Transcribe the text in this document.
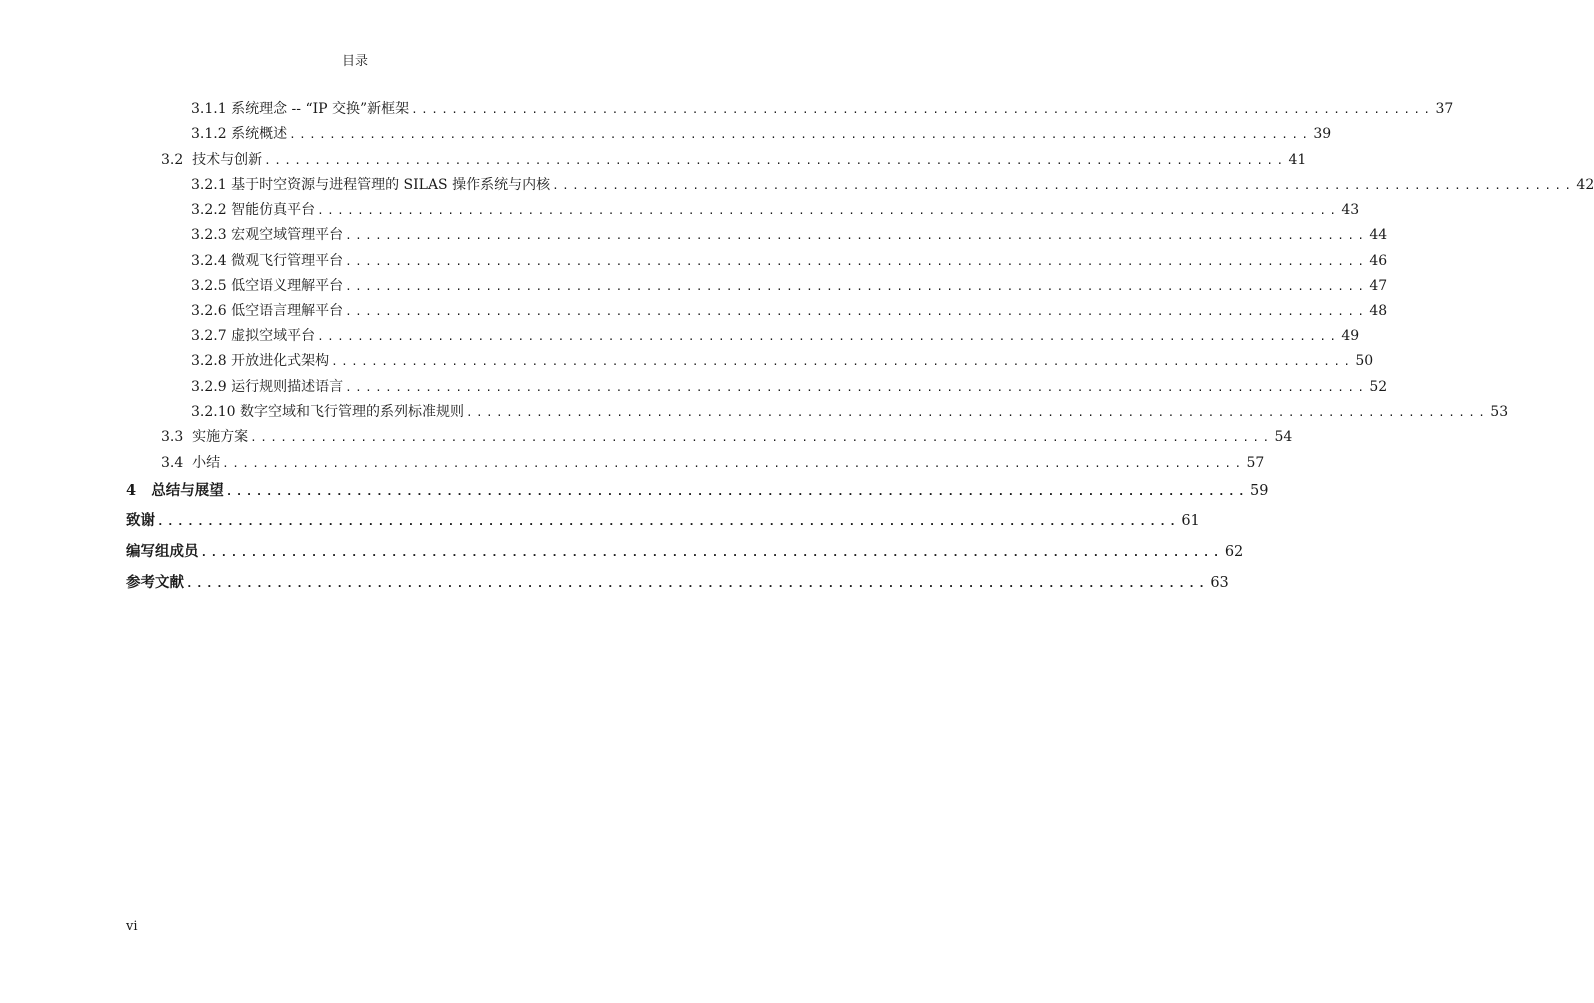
目录
3.1.1 系统理念 -- “IP 交换”新框架 ...................................................................................................... 37
3.1.2 系统概述 ...................................................................................................... 39
3.2 技术与创新 ...................................................................................................... 41
3.2.1 基于时空资源与进程管理的 SILAS 操作系统与内核 ...................................................................................................... 42
3.2.2 智能仿真平台 ...................................................................................................... 43
3.2.3 宏观空域管理平台 ...................................................................................................... 44
3.2.4 微观飞行管理平台 ...................................................................................................... 46
3.2.5 低空语义理解平台 ...................................................................................................... 47
3.2.6 低空语言理解平台 ...................................................................................................... 48
3.2.7 虚拟空域平台 ...................................................................................................... 49
3.2.8 开放进化式架构 ...................................................................................................... 50
3.2.9 运行规则描述语言 ...................................................................................................... 52
3.2.10 数字空域和飞行管理的系列标准规则 ...................................................................................................... 53
3.3 实施方案 ...................................................................................................... 54
3.4 小结 ...................................................................................................... 57
4 总结与展望 ...................................................................................................... 59
致谢 ...................................................................................................... 61
编写组成员 ...................................................................................................... 62
参考文献 ...................................................................................................... 63
vi
